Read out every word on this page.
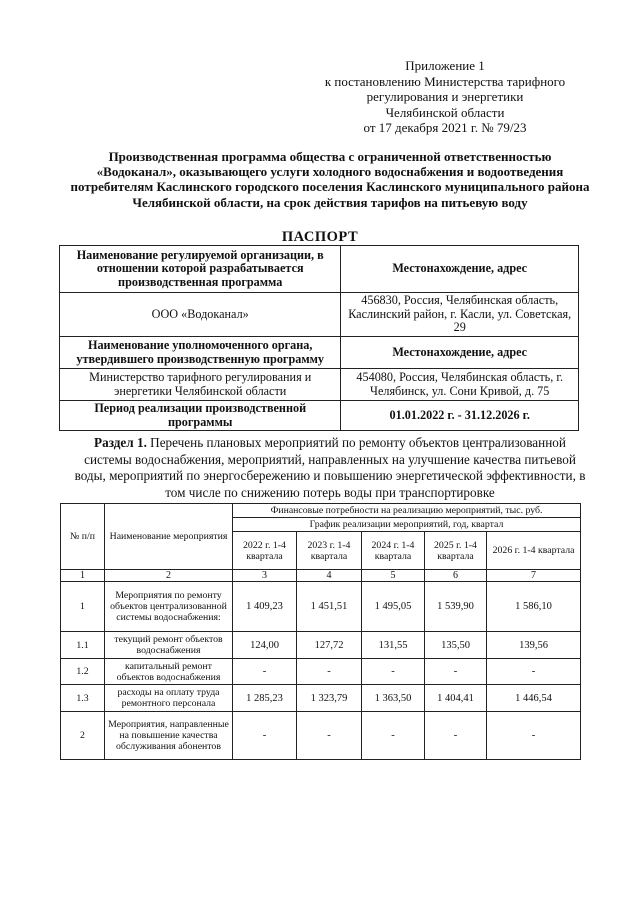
Приложение 1
к постановлению Министерства тарифного
регулирования и энергетики
Челябинской области
от 17 декабря 2021 г. № 79/23
Производственная программа общества с ограниченной ответственностью «Водоканал», оказывающего услуги холодного водоснабжения и водоотведения потребителям Каслинского городского поселения Каслинского муниципального района Челябинской области, на срок действия тарифов на питьевую воду
ПАСПОРТ
Наименование регулируемой организации, в отношении которой разрабатывается производственная программа	Местонахождение, адрес
ООО «Водоканал»	456830, Россия, Челябинская область, Каслинский район, г. Касли, ул. Советская, 29
Наименование уполномоченного органа, утвердившего производственную программу	Местонахождение, адрес
Министерство тарифного регулирования и энергетики Челябинской области	454080, Россия, Челябинская область, г. Челябинск, ул. Сони Кривой, д. 75
Период реализации производственной программы	01.01.2022 г. - 31.12.2026 г.
Раздел 1. Перечень плановых мероприятий по ремонту объектов централизованной системы водоснабжения, мероприятий, направленных на улучшение качества питьевой воды, мероприятий по энергосбережению и повышению энергетической эффективности, в том числе по снижению потерь воды при транспортировке
№ п/п	Наименование мероприятия	Финансовые потребности на реализацию мероприятий, тыс. руб.				
		График реализации мероприятий, год, квартал				
		2022 г. 1-4 квартала	2023 г. 1-4 квартала	2024 г. 1-4 квартала	2025 г. 1-4 квартала	2026 г. 1-4 квартала
1	2	3	4	5	6	7
1	Мероприятия по ремонту объектов централизованной системы водоснабжения:	1 409,23	1 451,51	1 495,05	1 539,90	1 586,10
1.1	текущий ремонт объектов водоснабжения	124,00	127,72	131,55	135,50	139,56
1.2	капитальный ремонт объектов водоснабжения	-	-	-	-	-
1.3	расходы на оплату труда ремонтного персонала	1 285,23	1 323,79	1 363,50	1 404,41	1 446,54
2	Мероприятия, направленные на повышение качества обслуживания абонентов	-	-	-	-	-
